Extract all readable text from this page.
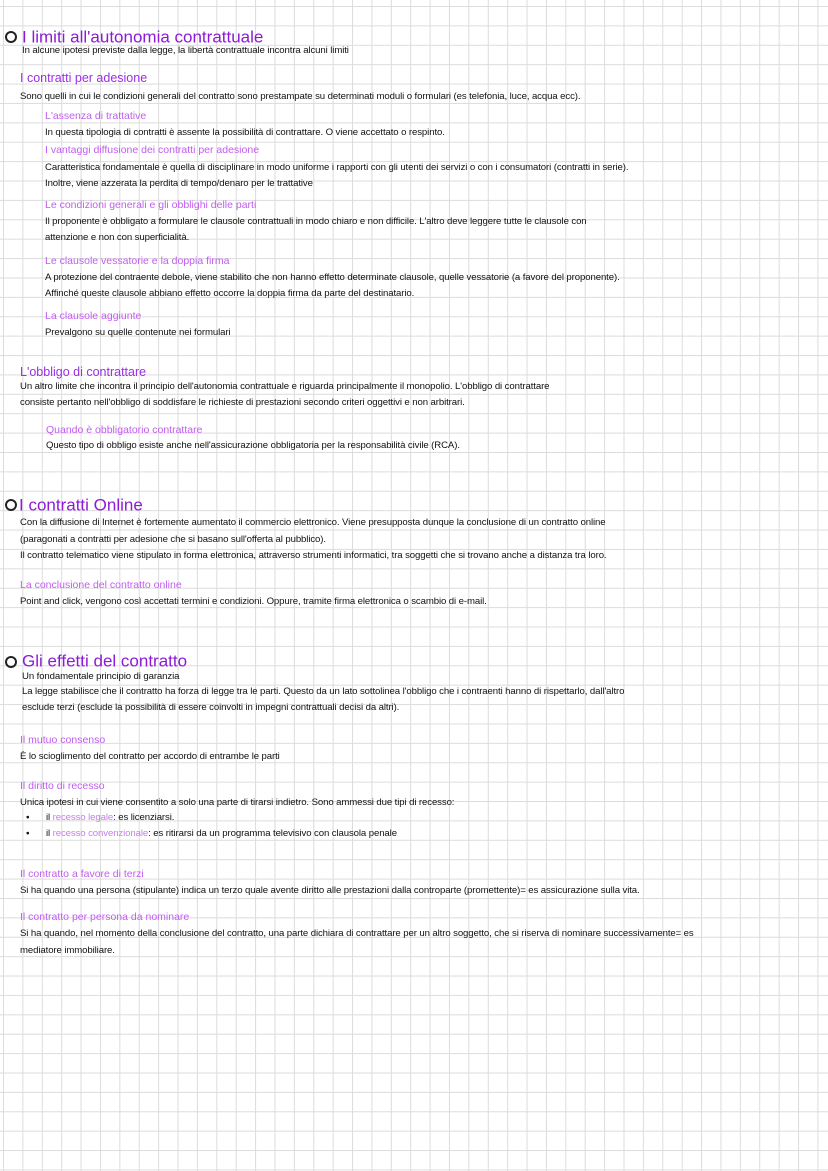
I limiti all'autonomia contrattuale
In alcune ipotesi previste dalla legge, la libertà contrattuale incontra alcuni limiti
I contratti per adesione
Sono quelli in cui le condizioni generali del contratto sono prestampate su determinati moduli o formulari (es telefonia, luce, acqua ecc).
L'assenza di trattative
In questa tipologia di contratti è assente la possibilità di contrattare. O viene accettato o respinto.
I vantaggi diffusione dei contratti per adesione
Caratteristica fondamentale è quella di disciplinare in modo uniforme i rapporti con gli utenti dei servizi o con i consumatori (contratti in serie).
Inoltre, viene azzerata la perdita di tempo/denaro per le trattative
Le condizioni generali e gli obblighi delle parti
Il proponente è obbligato a formulare le clausole contrattuali in modo chiaro e non difficile. L'altro deve leggere tutte le clausole con
attenzione e non con superficialità.
Le clausole vessatorie e la doppia firma
A protezione del contraente debole, viene stabilito che non hanno effetto determinate clausole, quelle vessatorie (a favore del proponente).
Affinché queste clausole abbiano effetto occorre la doppia firma da parte del destinatario.
La clausole aggiunte
Prevalgono su quelle contenute nei formulari
L'obbligo di contrattare
Un altro limite che incontra il principio dell'autonomia contrattuale e riguarda principalmente il monopolio. L'obbligo di contrattare
consiste pertanto nell'obbligo di soddisfare le richieste di prestazioni secondo criteri oggettivi e non arbitrari.
Quando è obbligatorio contrattare
Questo tipo di obbligo esiste anche nell'assicurazione obbligatoria per la responsabilità civile (RCA).
I contratti Online
Con la diffusione di Internet è fortemente aumentato il commercio elettronico. Viene presupposta dunque la conclusione di un contratto online
(paragonati a contratti per adesione che si basano sull'offerta al pubblico).
Il contratto telematico viene stipulato in forma elettronica, attraverso strumenti informatici, tra soggetti che si trovano anche a distanza tra loro.
La conclusione del contratto online
Point and click, vengono così accettati termini e condizioni. Oppure, tramite firma elettronica o scambio di e-mail.
Gli effetti del contratto
Un fondamentale principio di garanzia
La legge stabilisce che il contratto ha forza di legge tra le parti. Questo da un lato sottolinea l'obbligo che i contraenti hanno di rispettarlo, dall'altro
esclude terzi (esclude la possibilità di essere coinvolti in impegni contrattuali decisi da altri).
Il mutuo consenso
È lo scioglimento del contratto per accordo di entrambe le parti
Il diritto di recesso
Unica ipotesi in cui viene consentito a solo una parte di tirarsi indietro. Sono ammessi due tipi di recesso:
• il recesso legale: es licenziarsi.
• il recesso convenzionale: es ritirarsi da un programma televisivo con clausola penale
Il contratto a favore di terzi
Si ha quando una persona (stipulante) indica un terzo quale avente diritto alle prestazioni dalla controparte (promettente)= es assicurazione sulla vita.
Il contratto per persona da nominare
Si ha quando, nel momento della conclusione del contratto, una parte dichiara di contrattare per un altro soggetto, che si riserva di nominare successivamente= es
mediatore immobiliare.
